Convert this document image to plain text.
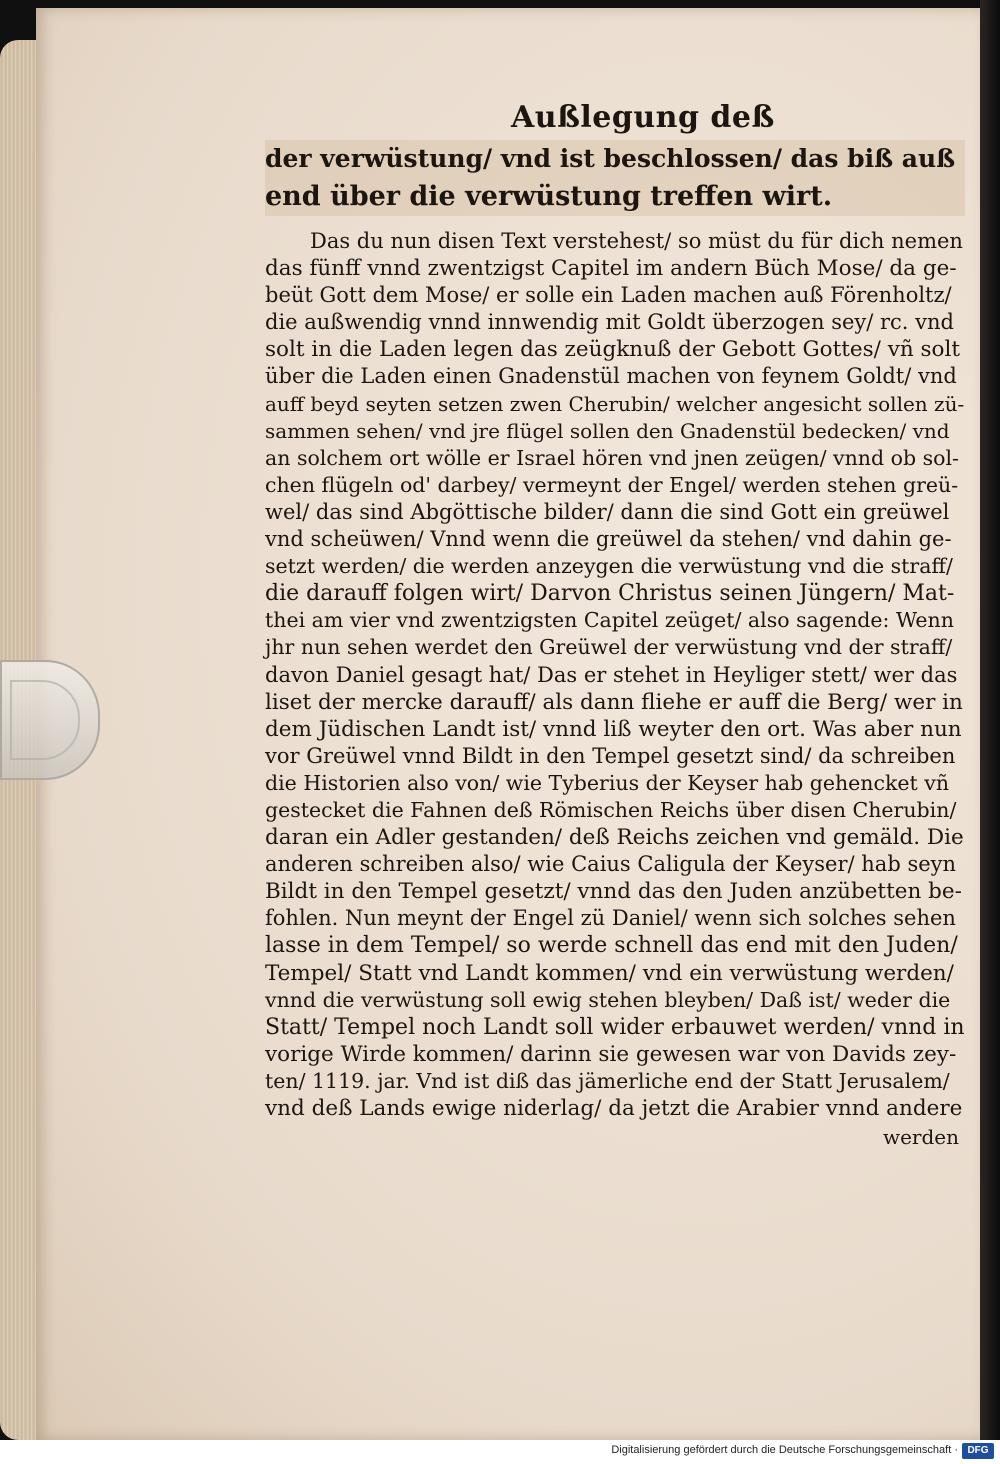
Außlegung deß
der verwüstung/ vnd ist beschlossen/ das biß auß
end über die verwüstung treffen wirt.
Das du nun disen Text verstehest/ so müst du für dich nemen
das fünff vnnd zwentzigst Capitel im andern Büch Mose/ da ge-
beüt Gott dem Mose/ er solle ein Laden machen auß Förenholtz/
die außwendig vnnd innwendig mit Goldt überzogen sey/ rc. vnd
solt in die Laden legen das zeügknuß der Gebott Gottes/ vñ solt
über die Laden einen Gnadenstül machen von feynem Goldt/ vnd
auff beyd seyten setzen zwen Cherubin/ welcher angesicht sollen zü-
sammen sehen/ vnd jre flügel sollen den Gnadenstül bedecken/ vnd
an solchem ort wölle er Israel hören vnd jnen zeügen/ vnnd ob sol-
chen flügeln od' darbey/ vermeynt der Engel/ werden stehen greü-
wel/ das sind Abgöttische bilder/ dann die sind Gott ein greüwel
vnd scheüwen/ Vnnd wenn die greüwel da stehen/ vnd dahin ge-
setzt werden/ die werden anzeygen die verwüstung vnd die straff/
die darauff folgen wirt/ Darvon Christus seinen Jüngern/ Mat-
thei am vier vnd zwentzigsten Capitel zeüget/ also sagende: Wenn
jhr nun sehen werdet den Greüwel der verwüstung vnd der straff/
davon Daniel gesagt hat/ Das er stehet in Heyliger stett/ wer das
liset der mercke darauff/ als dann fliehe er auff die Berg/ wer in
dem Jüdischen Landt ist/ vnnd liß weyter den ort. Was aber nun
vor Greüwel vnnd Bildt in den Tempel gesetzt sind/ da schreiben
die Historien also von/ wie Tyberius der Keyser hab gehencket vñ
gestecket die Fahnen deß Römischen Reichs über disen Cherubin/
daran ein Adler gestanden/ deß Reichs zeichen vnd gemäld. Die
anderen schreiben also/ wie Caius Caligula der Keyser/ hab seyn
Bildt in den Tempel gesetzt/ vnnd das den Juden anzübetten be-
fohlen. Nun meynt der Engel zü Daniel/ wenn sich solches sehen
lasse in dem Tempel/ so werde schnell das end mit den Juden/
Tempel/ Statt vnd Landt kommen/ vnd ein verwüstung werden/
vnnd die verwüstung soll ewig stehen bleyben/ Daß ist/ weder die
Statt/ Tempel noch Landt soll wider erbauwet werden/ vnnd in
vorige Wirde kommen/ darinn sie gewesen war von Davids zey-
ten/ 1119. jar. Vnd ist diß das jämerliche end der Statt Jerusalem/
vnd deß Lands ewige niderlag/ da jetzt die Arabier vnnd andere
werden
Digitalisierung gefördert durch die Deutsche Forschungsgemeinschaft · DFG
